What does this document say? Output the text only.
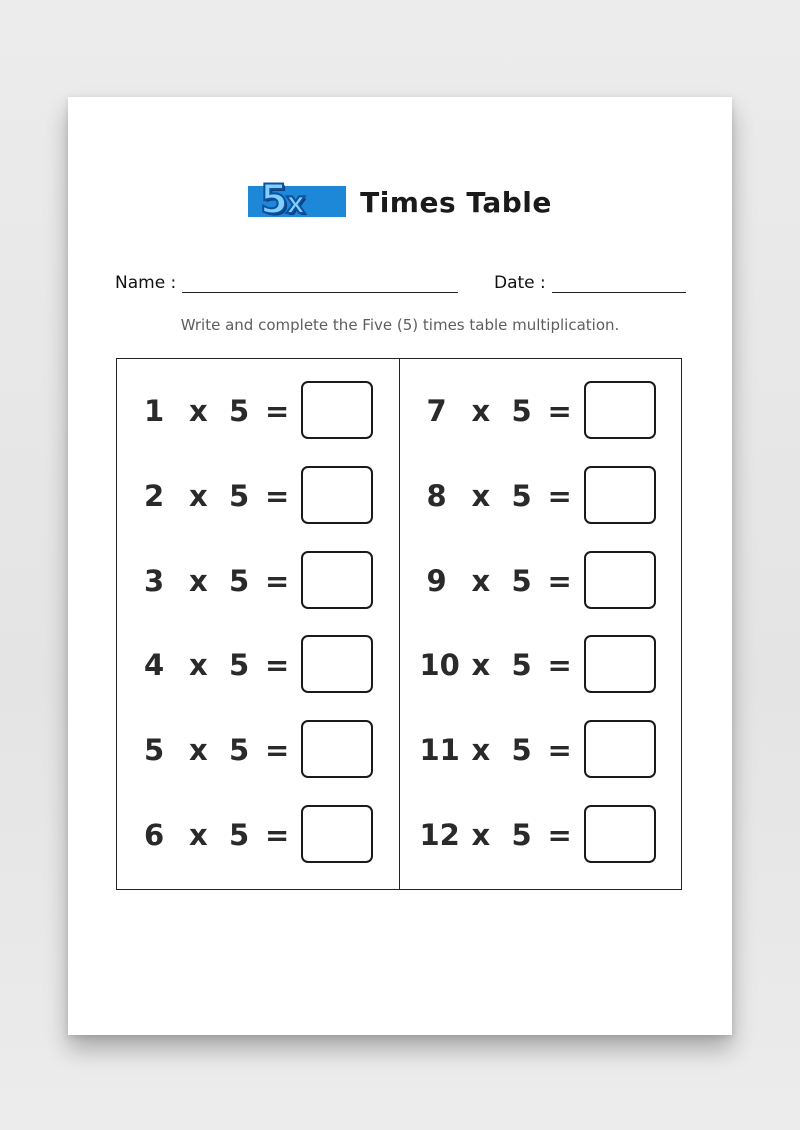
5x Times Table
Name :	Date :
Write and complete the Five (5) times table multiplication.
1 x 5 =
2 x 5 =
3 x 5 =
4 x 5 =
5 x 5 =
6 x 5 =
7 x 5 =
8 x 5 =
9 x 5 =
10 x 5 =
11 x 5 =
12 x 5 =
